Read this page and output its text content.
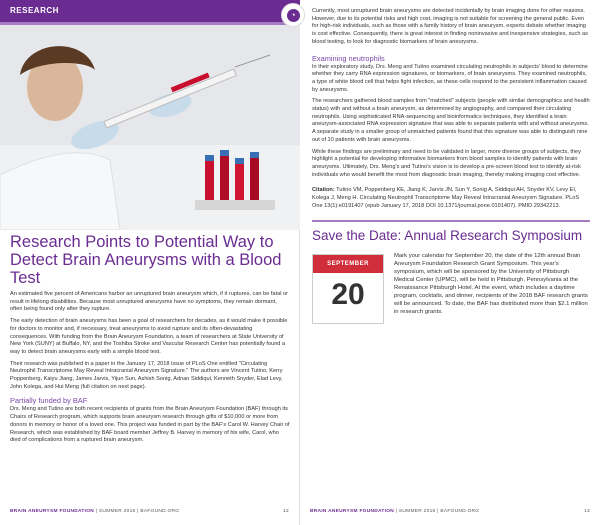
RESEARCH	◔
Research Points to Potential Way to Detect Brain Aneurysms with a Blood Test

An estimated five percent of Americans harbor an unruptured brain aneurysm which, if it ruptures, can be fatal or result in lifelong disabilities. Because most unruptured aneurysms have no symptoms, they remain dormant, often being found only after they rupture.

The early detection of brain aneurysms has been a goal of researchers for decades, as it would make it possible for doctors to monitor and, if necessary, treat aneurysms to avoid rupture and its often-devastating consequences. With funding from the Brain Aneurysm Foundation, a team of researchers at State University of New York (SUNY) at Buffalo, NY, and the Toshiba Stroke and Vascular Research Center has potentially found a way to detect brain aneurysms early with a simple blood test.

Their research was published in a paper in the January 17, 2018 issue of PLoS One entitled "Circulating Neutrophil Transcriptome May Reveal Intracranial Aneurysm Signature." The authors are Vincent Tutino, Kerry Poppenberg, Kaiyu Jiang, James Jarvis, Yijun Sun, Ashish Sonig, Adnan Siddiqui, Kenneth Snyder, Elad Levy, John Kolega, and Hui Meng (full citation on next page).

Partially funded by BAF

Drs. Meng and Tutino are both recent recipients of grants from the Brain Aneurysm Foundation (BAF) through its Chairs of Research program, which supports brain aneurysm research through gifts of $10,000 or more from donors in memory or honor of a loved one. This project was funded in part by the BAF's Carol W. Harvey Chair of Research, which was established by BAF board member Jeffrey B. Harvey in memory of his wife, Carol, who died of complications from a ruptured brain aneurysm.

BRAIN ANEURYSM FOUNDATION | SUMMER 2018 | BAFOUND.ORG	12

Currently, most unruptured brain aneurysms are detected incidentally by brain imaging done for other reasons. However, due to its potential risks and high cost, imaging is not suitable for screening the general public. Even for high-risk individuals, such as those with a family history of brain aneurysm, experts debate whether imaging is cost effective. Consequently, there is great interest in finding noninvasive and inexpensive strategies, such as blood testing, to look for diagnostic biomarkers of brain aneurysms.

Examining neutrophils

In their exploratory study, Drs. Meng and Tutino examined circulating neutrophils in subjects' blood to determine whether they carry RNA expression signatures, or biomarkers, of brain aneurysms. They examined neutrophils, a type of white blood cell that helps fight infection, as these cells respond to the persistent inflammation caused by aneurysms.

The researchers gathered blood samples from "matched" subjects (people with similar demographics and health status) with and without a brain aneurysm, as determined by angiography, and compared their circulating neutrophils. Using sophisticated RNA-sequencing and bioinformatics techniques, they identified a brain aneurysm-associated RNA expression signature that was able to separate patients with and without aneurysms. A separate study in a smaller group of unmatched patients found that this signature was able to distinguish nine out of 10 patients with brain aneurysms.

While these findings are preliminary and need to be validated in larger, more diverse groups of subjects, they highlight a potential for developing informative biomarkers from blood samples to identify patients with brain aneurysms. Ultimately, Drs. Meng's and Tutino's vision is to develop a pre-screen blood test to identify at-risk individuals who would benefit the most from diagnostic brain imaging, thereby making imaging cost effective.

Citation: Tutino VM, Poppenberg KE, Jiang K, Jarvis JN, Sun Y, Sonig A, Siddiqui AH, Snyder KV, Levy EI, Kolega J, Meng H. Circulating Neutrophil Transcriptome May Reveal Intracranial Aneurysm Signature. PLoS One 13(1):e0191407 (epub January 17, 2018 DOI 10.1371/journal.pone.0191407). PMID 29342213.

Save the Date: Annual Research Symposium
SEPTEMBER
20

Mark your calendar for September 20, the date of the 12th annual Brain Aneurysm Foundation Research Grant Symposium. This year's symposium, which will be sponsored by the University of Pittsburgh Medical Center (UPMC), will be held in Pittsburgh, Pennsylvania at the Renaissance Pittsburgh Hotel. At the event, which includes a daytime program, cocktails, and dinner, recipients of the 2018 BAF research grants will be announced. To date, the BAF has distributed more than $2.1 million in research grants.

BRAIN ANEURYSM FOUNDATION | SUMMER 2018 | BAFOUND.ORG	13
